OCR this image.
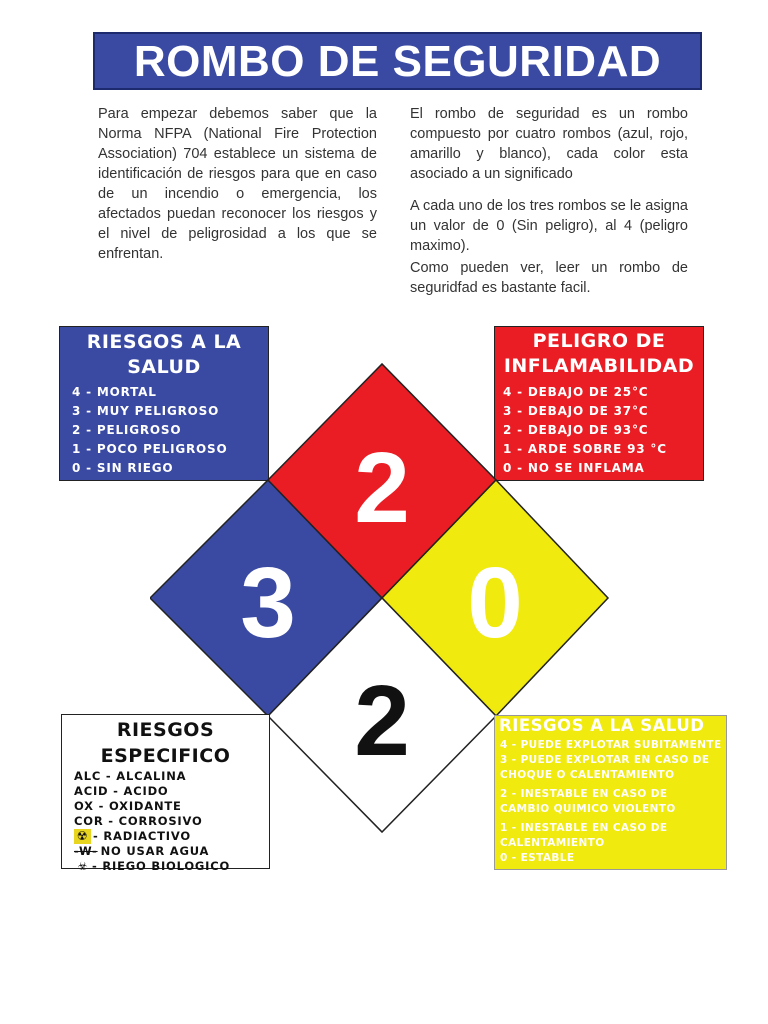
ROMBO DE SEGURIDAD

Para empezar debemos saber que la Norma NFPA (National Fire Protection Association) 704 establece un sistema de identificación de riesgos para que en caso de un incendio o emergencia, los afectados puedan reconocer los riesgos y el nivel de peligrosidad a los que se enfrentan.

El rombo de seguridad es un rombo compuesto por cuatro rombos (azul, rojo, amarillo y blanco), cada color esta asociado a un significado

A cada uno de los tres rombos se le asigna un valor de 0 (Sin peligro), al 4 (peligro maximo).

Como pueden ver, leer un rombo de seguridfad es bastante facil.

RIESGOS A LA
SALUD
4 - MORTAL
3 - MUY PELIGROSO
2 - PELIGROSO
1 - POCO PELIGROSO
0 - SIN RIEGO
PELIGRO DE
INFLAMABILIDAD
4 - DEBAJO DE 25°C
3 - DEBAJO DE 37°C
2 - DEBAJO DE 93°C
1 - ARDE SOBRE 93 °C
0 - NO SE INFLAMA
2
3 0
2
RIESGOS
ESPECIFICO
ALC - ALCALINA
ACID - ACIDO
OX - OXIDANTE
COR - CORROSIVO
☢ - RADIACTIVO
-W- NO USAR AGUA
☣ - RIEGO BIOLOGICO
RIESGOS A LA SALUD
4 - PUEDE EXPLOTAR SUBITAMENTE
3 - PUEDE EXPLOTAR EN CASO DE
CHOQUE O CALENTAMIENTO
2 - INESTABLE EN CASO DE
CAMBIO QUIMICO VIOLENTO
1 - INESTABLE EN CASO DE
CALENTAMIENTO
0 - ESTABLE
